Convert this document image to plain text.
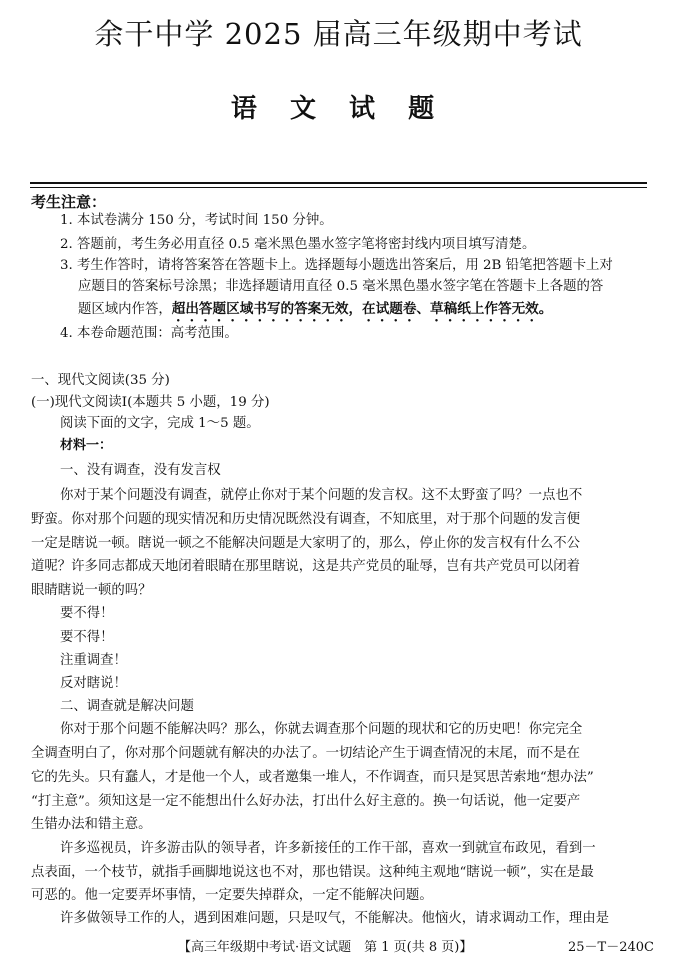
余干中学 2025 届高三年级期中考试
语 文 试 题
考生注意：
1. 本试卷满分 150 分，考试时间 150 分钟。
2. 答题前，考生务必用直径 0.5 毫米黑色墨水签字笔将密封线内项目填写清楚。
3. 考生作答时，请将答案答在答题卡上。选择题每小题选出答案后，用 2B 铅笔把答题卡上对
应题目的答案标号涂黑；非选择题请用直径 0.5 毫米黑色墨水签字笔在答题卡上各题的答
题区域内作答，超出答题区域书写的答案无效，在试题卷、草稿纸上作答无效。
4. 本卷命题范围：高考范围。
一、现代文阅读(35 分)
(一)现代文阅读Ⅰ(本题共 5 小题，19 分)
阅读下面的文字，完成 1～5 题。
材料一：
一、没有调查，没有发言权
你对于某个问题没有调查，就停止你对于某个问题的发言权。这不太野蛮了吗？一点也不
野蛮。你对那个问题的现实情况和历史情况既然没有调查，不知底里，对于那个问题的发言便
一定是瞎说一顿。瞎说一顿之不能解决问题是大家明了的，那么，停止你的发言权有什么不公
道呢？许多同志都成天地闭着眼睛在那里瞎说，这是共产党员的耻辱，岂有共产党员可以闭着
眼睛瞎说一顿的吗？
要不得！
要不得！
注重调查！
反对瞎说！
二、调查就是解决问题
你对于那个问题不能解决吗？那么，你就去调查那个问题的现状和它的历史吧！你完完全
全调查明白了，你对那个问题就有解决的办法了。一切结论产生于调查情况的末尾，而不是在
它的先头。只有蠢人，才是他一个人，或者邀集一堆人，不作调查，而只是冥思苦索地“想办法”
“打主意”。须知这是一定不能想出什么好办法，打出什么好主意的。换一句话说，他一定要产
生错办法和错主意。
许多巡视员，许多游击队的领导者，许多新接任的工作干部，喜欢一到就宣布政见，看到一
点表面，一个枝节，就指手画脚地说这也不对，那也错误。这种纯主观地“瞎说一顿”，实在是最
可恶的。他一定要弄坏事情，一定要失掉群众，一定不能解决问题。
许多做领导工作的人，遇到困难问题，只是叹气，不能解决。他恼火，请求调动工作，理由是
【高三年级期中考试·语文试题　第 1 页(共 8 页)】	25－T－240C
